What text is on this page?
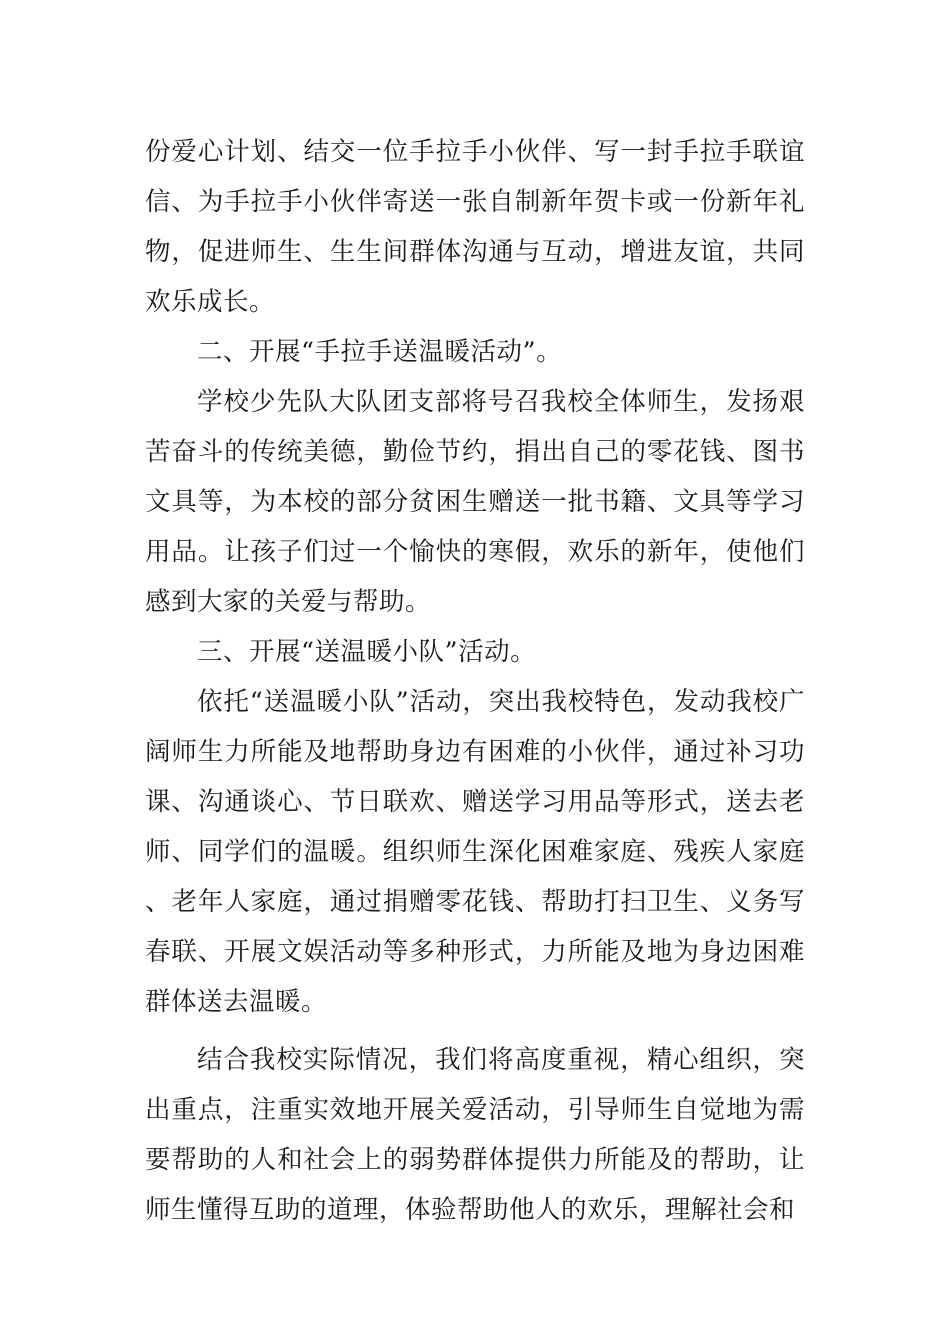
份爱心计划、结交一位手拉手小伙伴、写一封手拉手联谊信、为手拉手小伙伴寄送一张自制新年贺卡或一份新年礼物，促进师生、生生间群体沟通与互动，增进友谊，共同欢乐成长。

二、开展“手拉手送温暖活动”。

学校少先队大队团支部将号召我校全体师生，发扬艰苦奋斗的传统美德，勤俭节约，捐出自己的零花钱、图书文具等，为本校的部分贫困生赠送一批书籍、文具等学习用品。让孩子们过一个愉快的寒假，欢乐的新年，使他们感到大家的关爱与帮助。

三、开展“送温暖小队”活动。

依托“送温暖小队”活动，突出我校特色，发动我校广阔师生力所能及地帮助身边有困难的小伙伴，通过补习功课、沟通谈心、节日联欢、赠送学习用品等形式，送去老师、同学们的温暖。组织师生深化困难家庭、残疾人家庭、老年人家庭，通过捐赠零花钱、帮助打扫卫生、义务写春联、开展文娱活动等多种形式，力所能及地为身边困难群体送去温暖。

结合我校实际情况，我们将高度重视，精心组织，突出重点，注重实效地开展关爱活动，引导师生自觉地为需要帮助的人和社会上的弱势群体提供力所能及的帮助，让师生懂得互助的道理，体验帮助他人的欢乐，理解社会和
